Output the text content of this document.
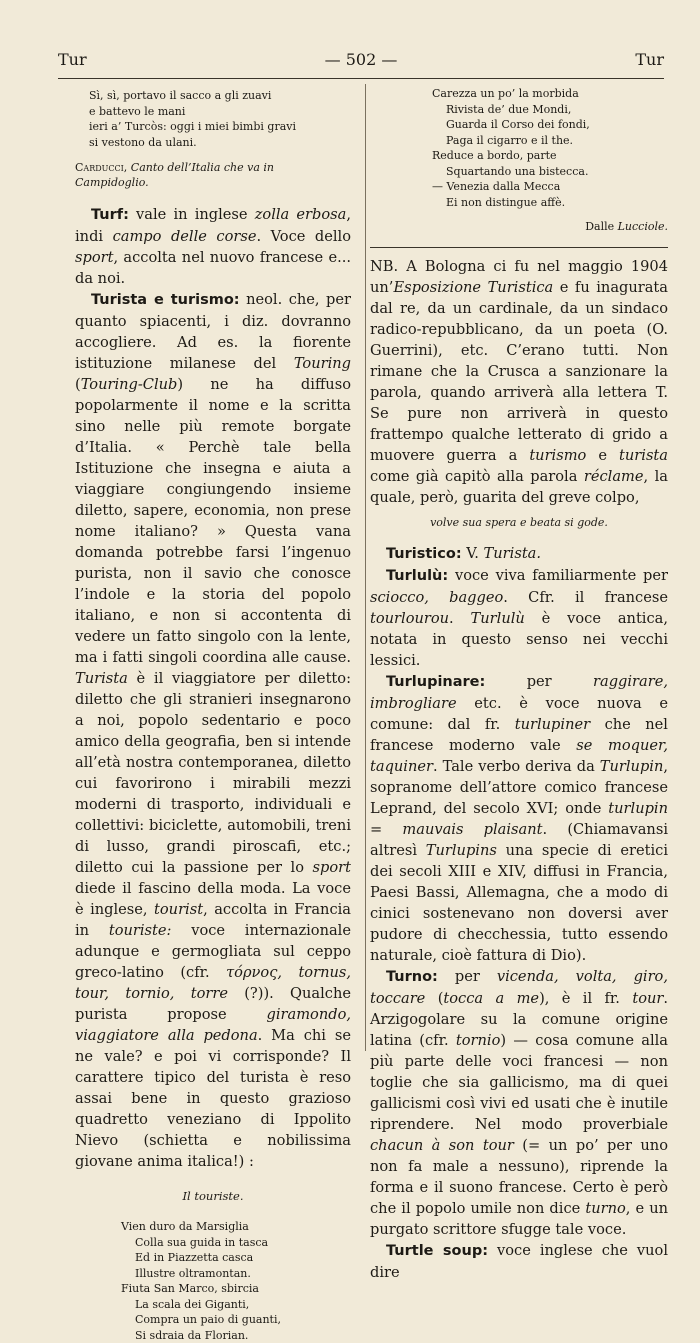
Tur	— 502 —	Tur
Sì, sì, portavo il sacco a gli zuavi
e battevo le mani
ieri a’ Turcòs: oggi i miei bimbi gravi
si vestono da ulani.
Carducci, Canto dell’Italia che va in Campidoglio.

Turf: vale in inglese zolla erbosa, indi campo delle corse. Voce dello sport, accolta nel nuovo francese e... da noi.

Turista e turismo: neol. che, per quanto spiacenti, i diz. dovranno accogliere. Ad es. la fiorente istituzione milanese del Touring (Touring-Club) ne ha diffuso popolarmente il nome e la scritta sino nelle più remote borgate d’Italia. « Perchè tale bella Istituzione che insegna e aiuta a viaggiare congiungendo insieme diletto, sapere, economia, non prese nome italiano? » Questa vana domanda potrebbe farsi l’ingenuo purista, non il savio che conosce l’indole e la storia del popolo italiano, e non si accontenta di vedere un fatto singolo con la lente, ma i fatti singoli coordina alle cause. Turista è il viaggiatore per diletto: diletto che gli stranieri insegnarono a noi, popolo sedentario e poco amico della geografia, ben si intende all’età nostra contemporanea, diletto cui favorirono i mirabili mezzi moderni di trasporto, individuali e collettivi: biciclette, automobili, treni di lusso, grandi piroscafi, etc.; diletto cui la passione per lo sport diede il fascino della moda. La voce è inglese, tourist, accolta in Francia in touriste: voce internazionale adunque e germogliata sul ceppo greco-latino (cfr. τόρνος, tornus, tour, tornio, torre (?)). Qualche purista propose giramondo, viaggiatore alla pedona. Ma chi se ne vale? e poi vi corrisponde? Il carattere tipico del turista è reso assai bene in questo grazioso quadretto veneziano di Ippolito Nievo (schietta e nobilissima giovane anima italica!) :

Il touriste.
Vien duro da Marsiglia
Colla sua guida in tasca
Ed in Piazzetta casca
Illustre oltramontan.
Fiuta San Marco, sbircia
La scala dei Giganti,
Compra un paio di guanti,
Si sdraia da Florian.
Carezza un po’ la morbida
Rivista de’ due Mondi,
Guarda il Corso dei fondi,
Paga il cigarro e il the.
Reduce a bordo, parte
Squartando una bistecca.
— Venezia dalla Mecca
Ei non distingue affè.
Dalle Lucciole.

NB. A Bologna ci fu nel maggio 1904 un’Esposizione Turistica e fu inagurata dal re, da un cardinale, da un sindaco radico-repubblicano, da un poeta (O. Guerrini), etc. C’erano tutti. Non rimane che la Crusca a sanzionare la parola, quando arriverà alla lettera T. Se pure non arriverà in questo frattempo qualche letterato di grido a muovere guerra a turismo e turista come già capitò alla parola réclame, la quale, però, guarita del greve colpo,

volve sua spera e beata si gode.

Turistico: V. Turista.

Turlulù: voce viva familiarmente per sciocco, baggeo. Cfr. il francese tourlourou. Turlulù è voce antica, notata in questo senso nei vecchi lessici.

Turlupinare: per raggirare, imbrogliare etc. è voce nuova e comune: dal fr. turlupiner che nel francese moderno vale se moquer, taquiner. Tale verbo deriva da Turlupin, sopranome dell’attore comico francese Leprand, del secolo XVI; onde turlupin = mauvais plaisant. (Chiamavansi altresì Turlupins una specie di eretici dei secoli XIII e XIV, diffusi in Francia, Paesi Bassi, Allemagna, che a modo di cinici sostenevano non doversi aver pudore di checchessia, tutto essendo naturale, cioè fattura di Dio).

Turno: per vicenda, volta, giro, toccare (tocca a me), è il fr. tour. Arzigogolare su la comune origine latina (cfr. tornio) — cosa comune alla più parte delle voci francesi — non toglie che sia gallicismo, ma di quei gallicismi così vivi ed usati che è inutile riprendere. Nel modo proverbiale chacun à son tour (= un po’ per uno non fa male a nessuno), riprende la forma e il suono francese. Certo è però che il popolo umile non dice turno, e un purgato scrittore sfugge tale voce.

Turtle soup: voce inglese che vuol dire
